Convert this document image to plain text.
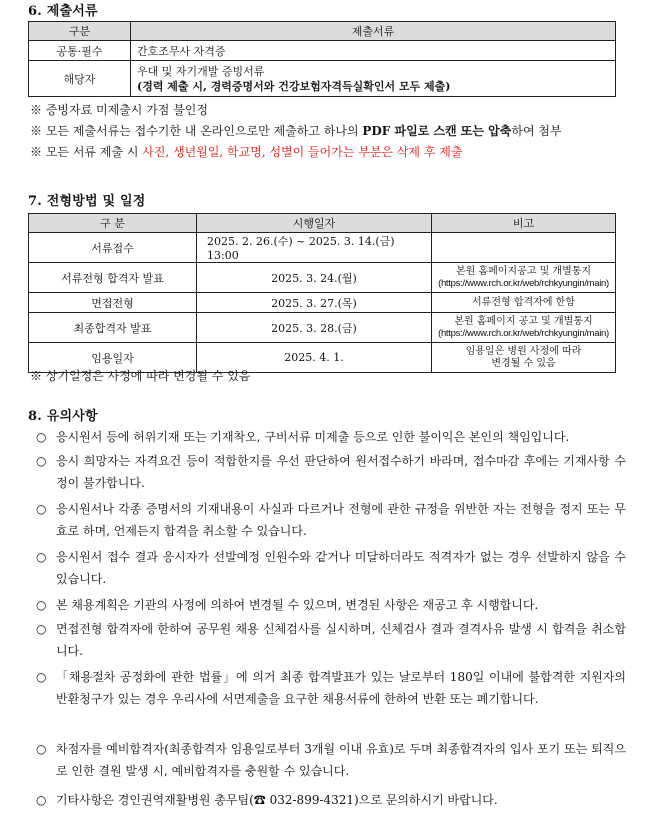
6. 제출서류
구분	제출서류
공통·필수	간호조무사 자격증
해당자	우대 및 자기개발 증빙서류
(경력 제출 시, 경력증명서와 건강보험자격득실확인서 모두 제출)
※ 증빙자료 미제출시 가점 불인정
※ 모든 제출서류는 접수기한 내 온라인으로만 제출하고 하나의 PDF 파일로 스캔 또는 압축하여 첨부
※ 모든 서류 제출 시 사진, 생년월일, 학교명, 성별이 들어가는 부분은 삭제 후 제출
7. 전형방법 및 일정
구 분	시행일자	비고
서류접수	2025. 2. 26.(수) ~ 2025. 3. 14.(금) 13:00	
서류전형 합격자 발표	2025. 3. 24.(월)	본원 홈페이지공고 및 개별통지
(https://www.rch.or.kr/web/rchkyungin/main)

면접전형	2025. 3. 27.(목)	서류전형 합격자에 한함
최종합격자 발표	2025. 3. 28.(금)	본원 홈페이지 공고 및 개별통지
(https://www.rch.or.kr/web/rchkyungin/main)

임용일자	2025. 4. 1.	임용일은 병원 사정에 따라
변경될 수 있음
※ 상기일정은 사정에 따라 변경될 수 있음
8. 유의사항
○ 응시원서 등에 허위기재 또는 기재착오, 구비서류 미제출 등으로 인한 불이익은 본인의 책임입니다.
○ 응시 희망자는 자격요건 등이 적합한지를 우선 판단하여 원서접수하기 바라며, 접수마감 후에는 기재사항 수정이 불가합니다.
○ 응시원서나 각종 증명서의 기재내용이 사실과 다르거나 전형에 관한 규정을 위반한 자는 전형을 정지 또는 무효로 하며, 언제든지 합격을 취소할 수 있습니다.
○ 응시원서 접수 결과 응시자가 선발예정 인원수와 같거나 미달하더라도 적격자가 없는 경우 선발하지 않을 수 있습니다.
○ 본 채용계획은 기관의 사정에 의하여 변경될 수 있으며, 변경된 사항은 재공고 후 시행합니다.
○ 면접전형 합격자에 한하여 공무원 채용 신체검사를 실시하며, 신체검사 결과 결격사유 발생 시 합격을 취소합니다.
○ 「채용절차 공정화에 관한 법률」에 의거 최종 합격발표가 있는 날로부터 180일 이내에 불합격한 지원자의 반환청구가 있는 경우 우리사에 서면제출을 요구한 채용서류에 한하여 반환 또는 폐기합니다.
○ 차점자를 예비합격자(최종합격자 임용일로부터 3개월 이내 유효)로 두며 최종합격자의 입사 포기 또는 퇴직으로 인한 결원 발생 시, 예비합격자를 충원할 수 있습니다.
○ 기타사항은 경인권역재활병원 총무팀(☎ 032-899-4321)으로 문의하시기 바랍니다.
